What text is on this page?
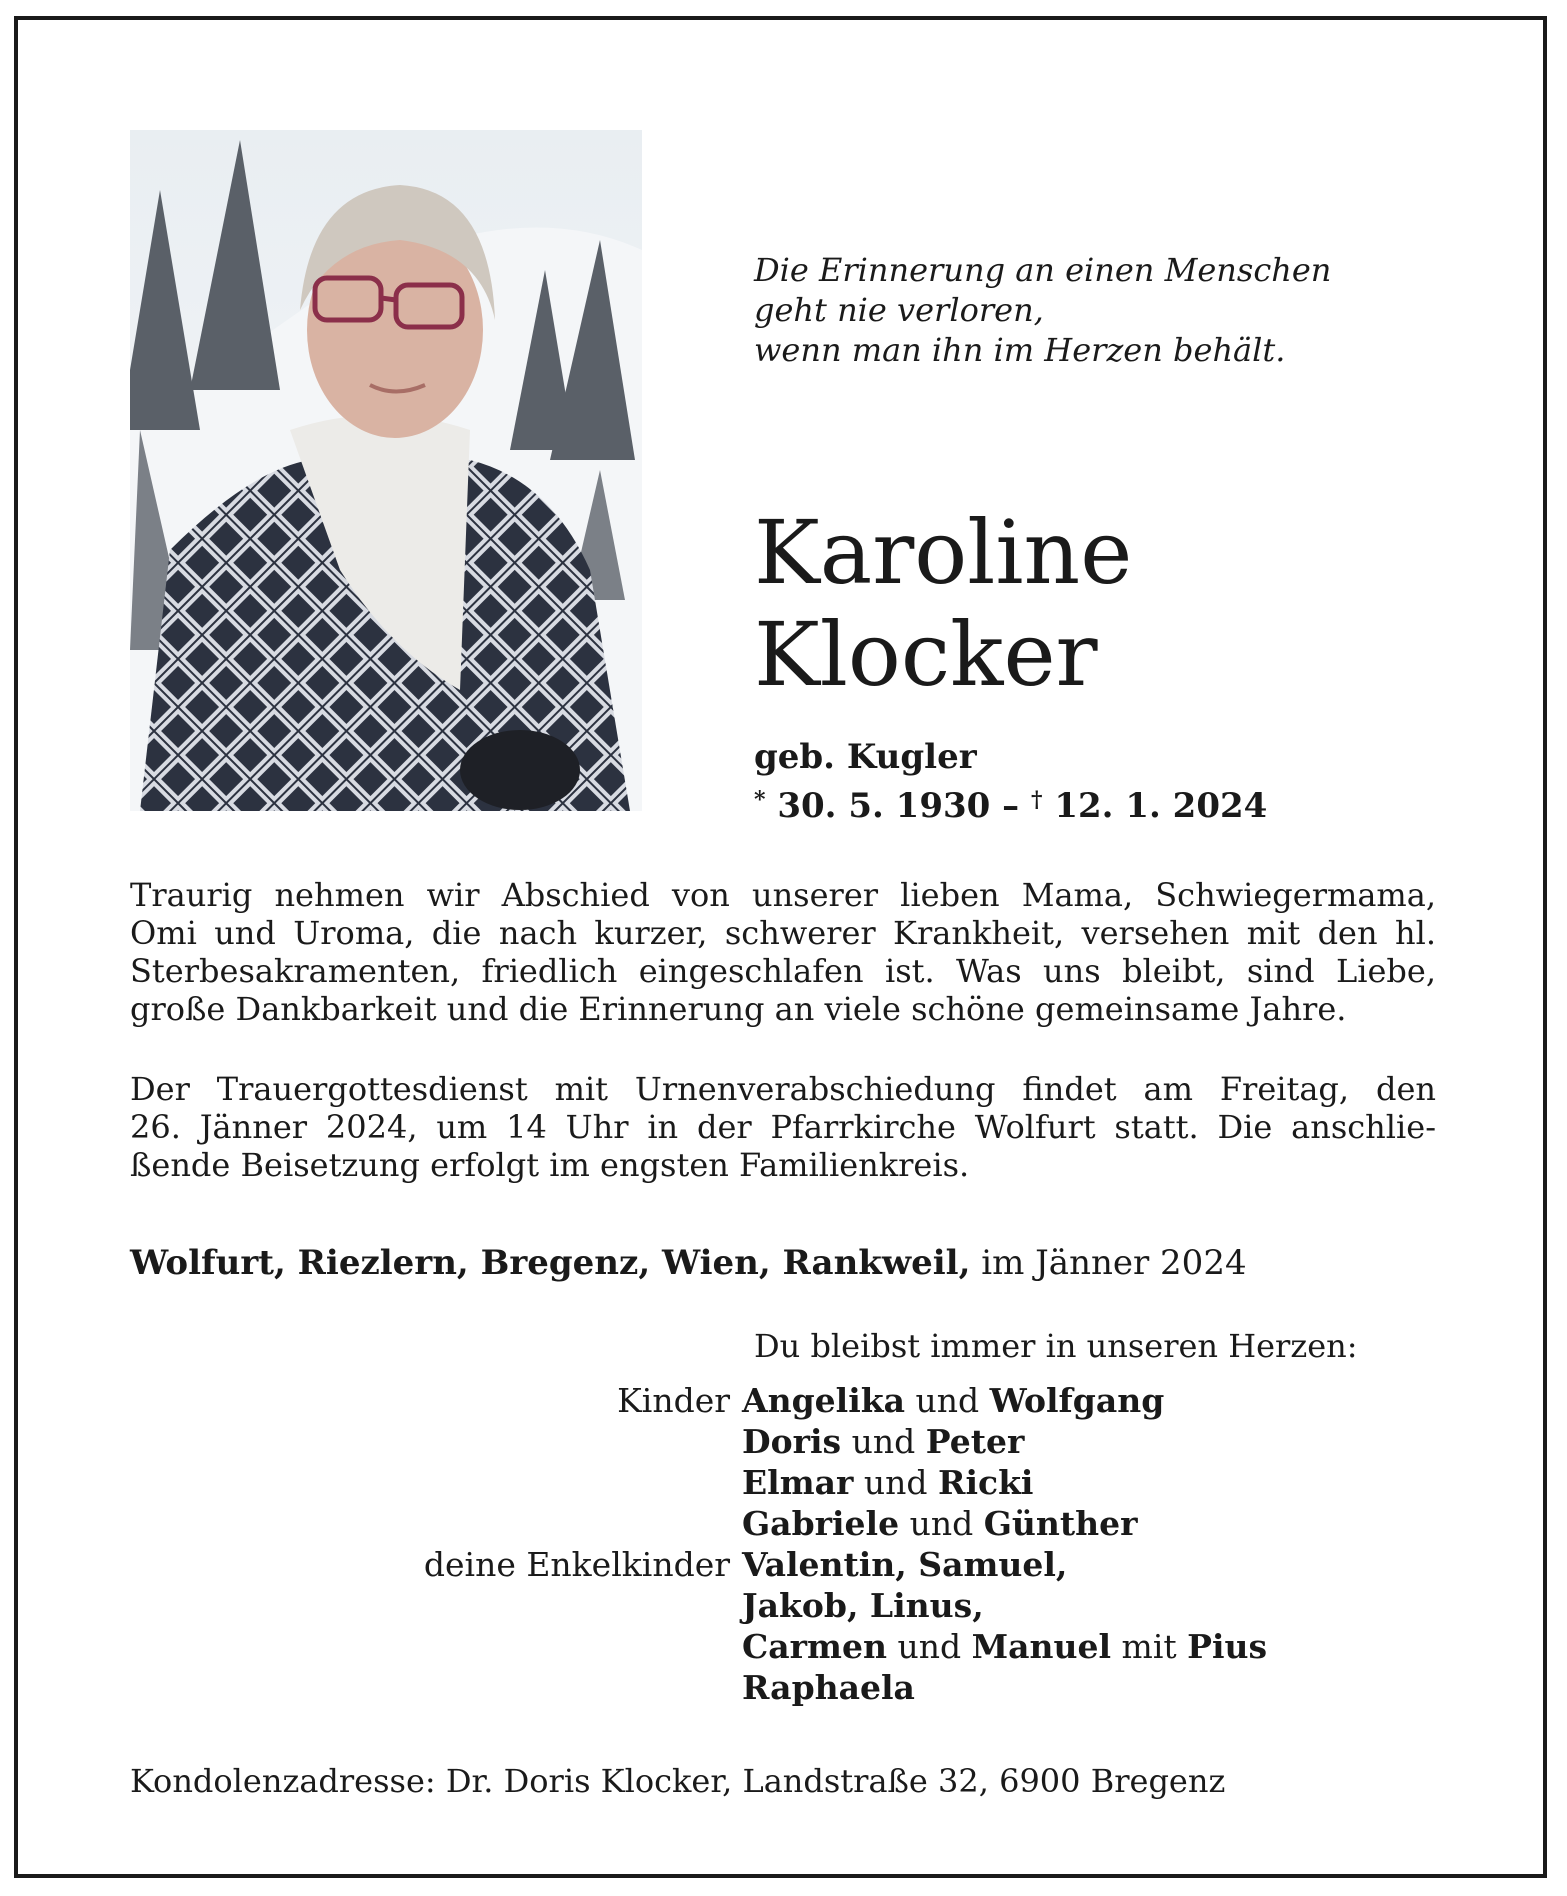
Die Erinnerung an einen Menschen
geht nie verloren,
wenn man ihn im Herzen behält.
Karoline
Klocker
geb. Kugler
* 30. 5. 1930 – † 12. 1. 2024
Traurig nehmen wir Abschied von unserer lieben Mama, Schwiegermama,
Omi und Uroma, die nach kurzer, schwerer Krankheit, versehen mit den hl.
Sterbesakramenten, friedlich eingeschlafen ist. Was uns bleibt, sind Liebe,
große Dankbarkeit und die Erinnerung an viele schöne gemeinsame Jahre.
Der Trauergottesdienst mit Urnenverabschiedung findet am Freitag, den
26. Jänner 2024, um 14 Uhr in der Pfarrkirche Wolfurt statt. Die anschlie-
ßende Beisetzung erfolgt im engsten Familienkreis.
Wolfurt, Riezlern, Bregenz, Wien, Rankweil, im Jänner 2024
Du bleibst immer in unseren Herzen:
Kinder Angelika und Wolfgang
Doris und Peter
Elmar und Ricki
Gabriele und Günther
deine Enkelkinder Valentin, Samuel,
Jakob, Linus,
Carmen und Manuel mit Pius
Raphaela
Kondolenzadresse: Dr. Doris Klocker, Landstraße 32, 6900 Bregenz
